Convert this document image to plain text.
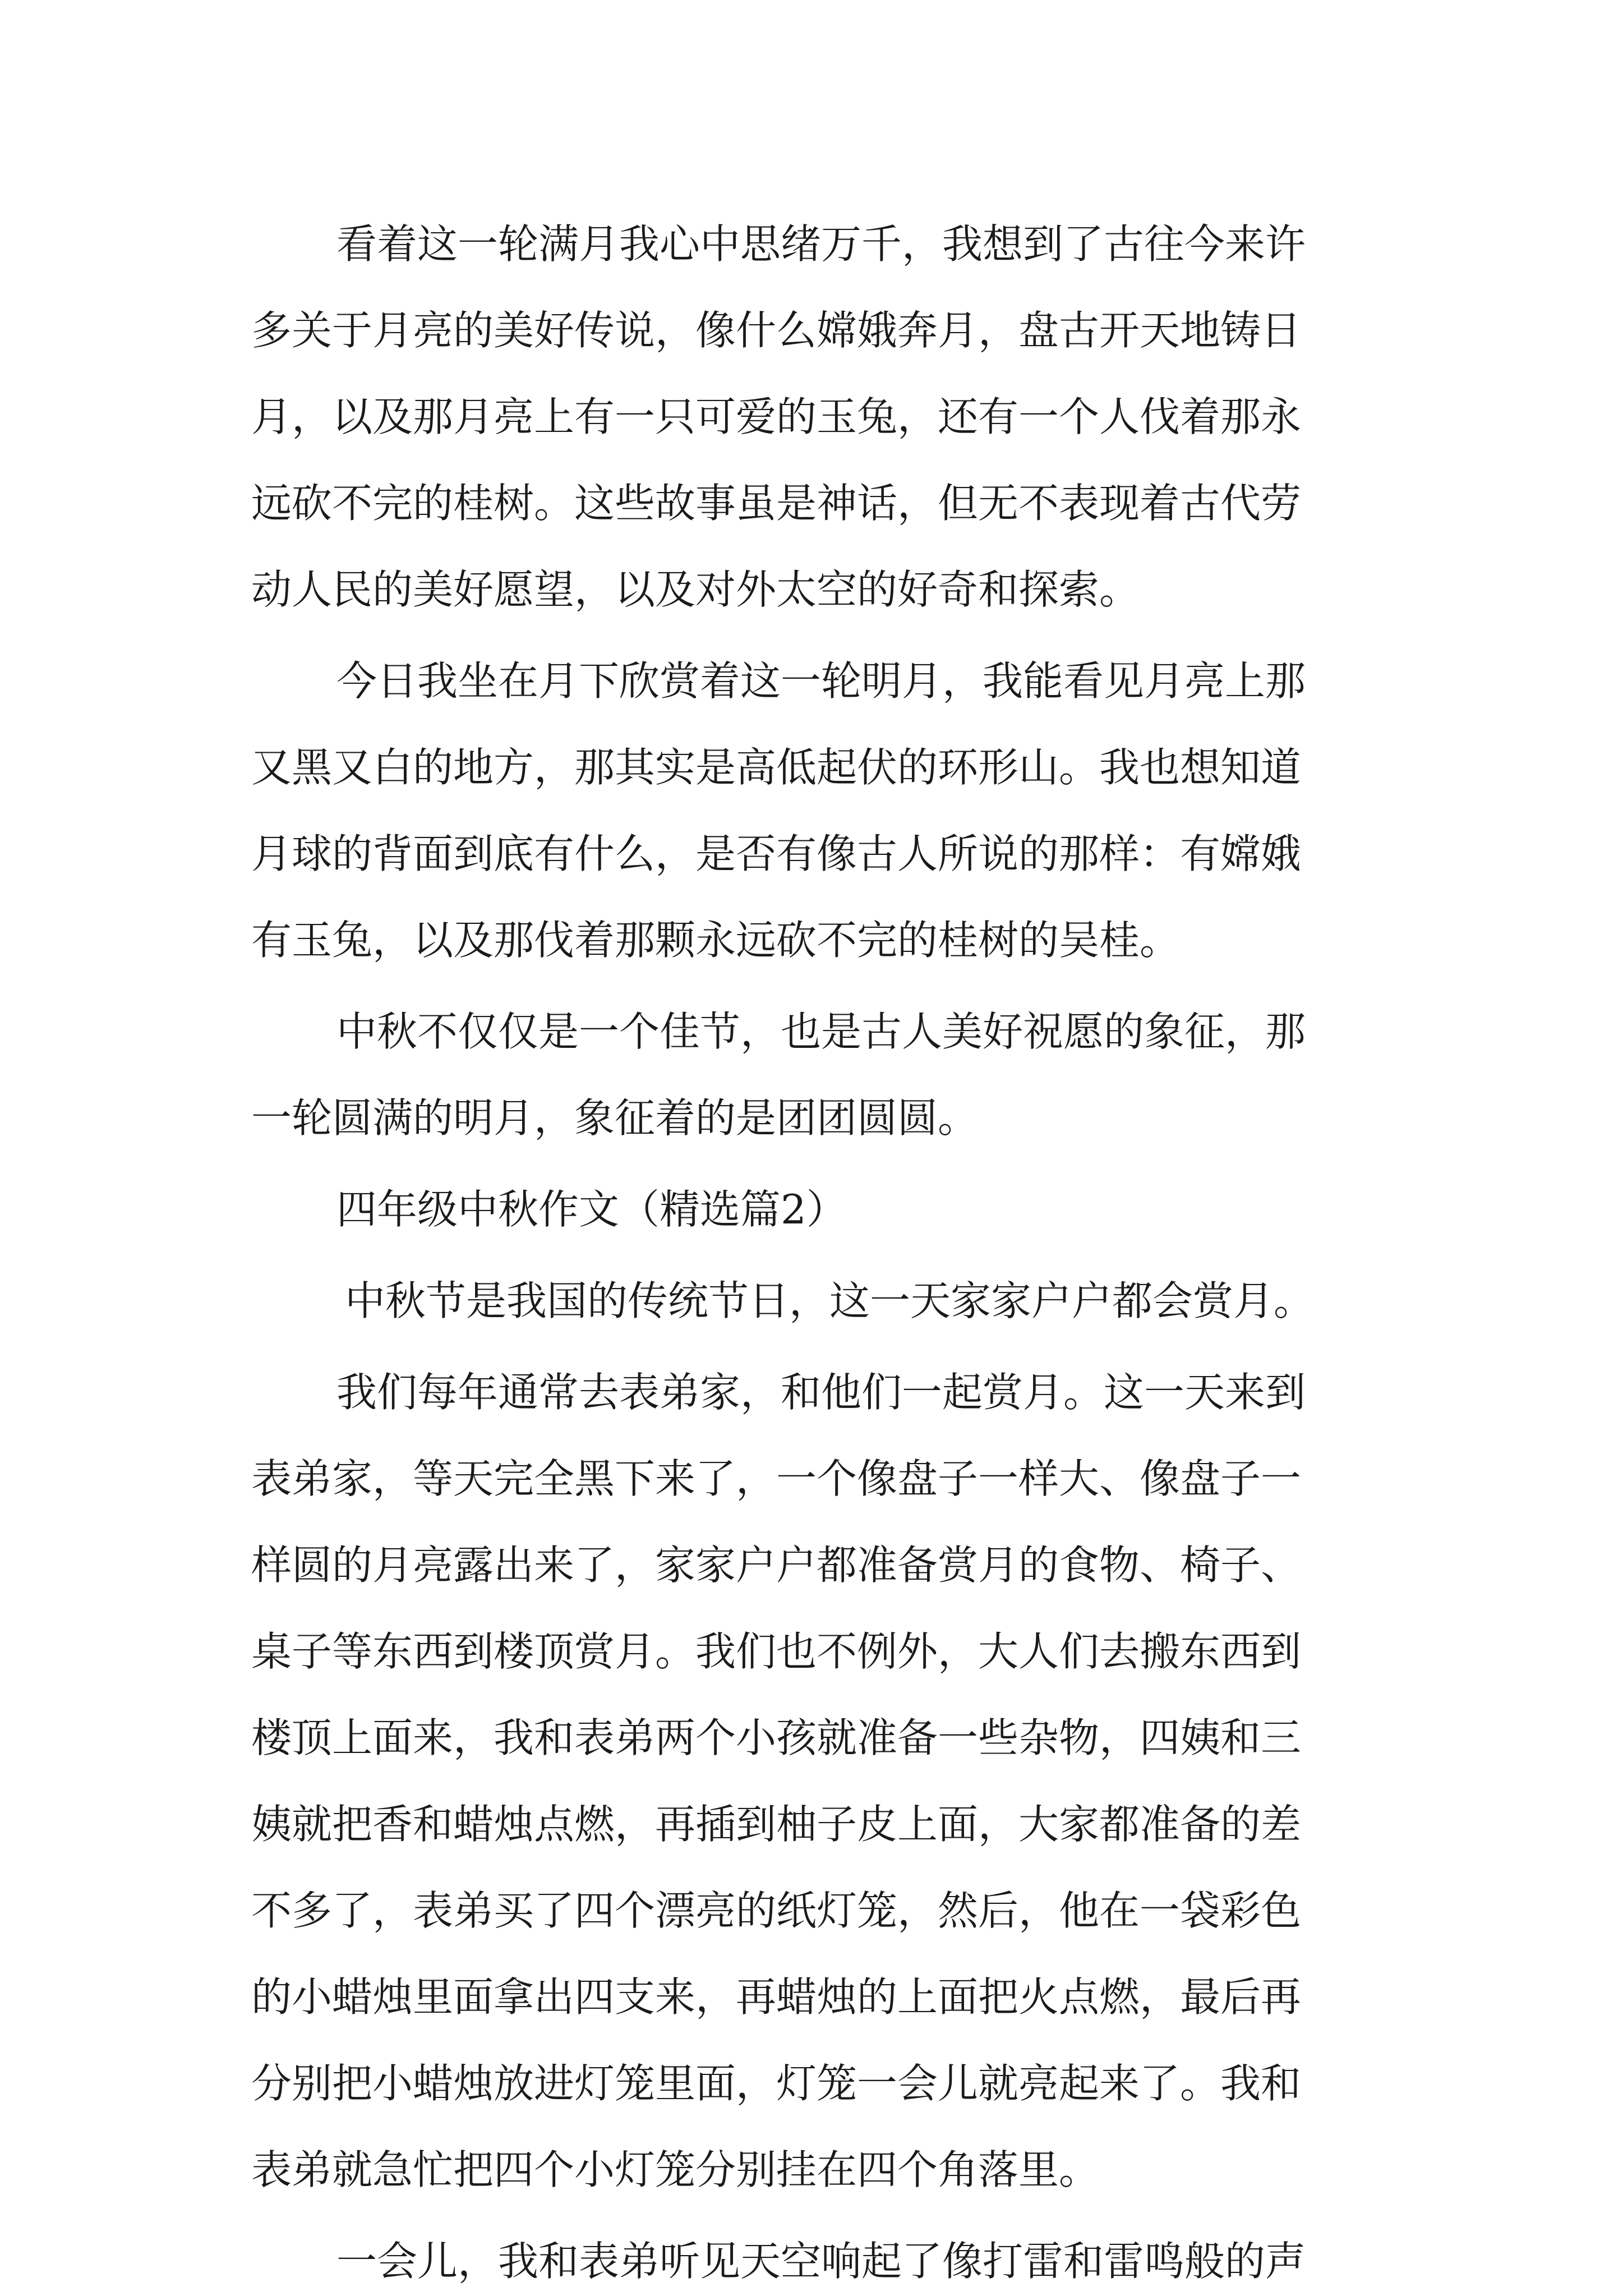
看着这一轮满月我心中思绪万千，我想到了古往今来许
多关于月亮的美好传说，像什么嫦娥奔月，盘古开天地铸日
月，以及那月亮上有一只可爱的玉兔，还有一个人伐着那永
远砍不完的桂树。这些故事虽是神话，但无不表现着古代劳
动人民的美好愿望，以及对外太空的好奇和探索。
今日我坐在月下欣赏着这一轮明月，我能看见月亮上那
又黑又白的地方，那其实是高低起伏的环形山。我也想知道
月球的背面到底有什么，是否有像古人所说的那样：有嫦娥
有玉兔，以及那伐着那颗永远砍不完的桂树的吴桂。
中秋不仅仅是一个佳节，也是古人美好祝愿的象征，那
一轮圆满的明月，象征着的是团团圆圆。
四年级中秋作文（精选篇2）
中秋节是我国的传统节日，这一天家家户户都会赏月。
我们每年通常去表弟家，和他们一起赏月。这一天来到
表弟家，等天完全黑下来了，一个像盘子一样大、像盘子一
样圆的月亮露出来了，家家户户都准备赏月的食物、椅子、
桌子等东西到楼顶赏月。我们也不例外，大人们去搬东西到
楼顶上面来，我和表弟两个小孩就准备一些杂物，四姨和三
姨就把香和蜡烛点燃，再插到柚子皮上面，大家都准备的差
不多了，表弟买了四个漂亮的纸灯笼，然后，他在一袋彩色
的小蜡烛里面拿出四支来，再蜡烛的上面把火点燃，最后再
分别把小蜡烛放进灯笼里面，灯笼一会儿就亮起来了。我和
表弟就急忙把四个小灯笼分别挂在四个角落里。
一会儿，我和表弟听见天空响起了像打雷和雷鸣般的声
